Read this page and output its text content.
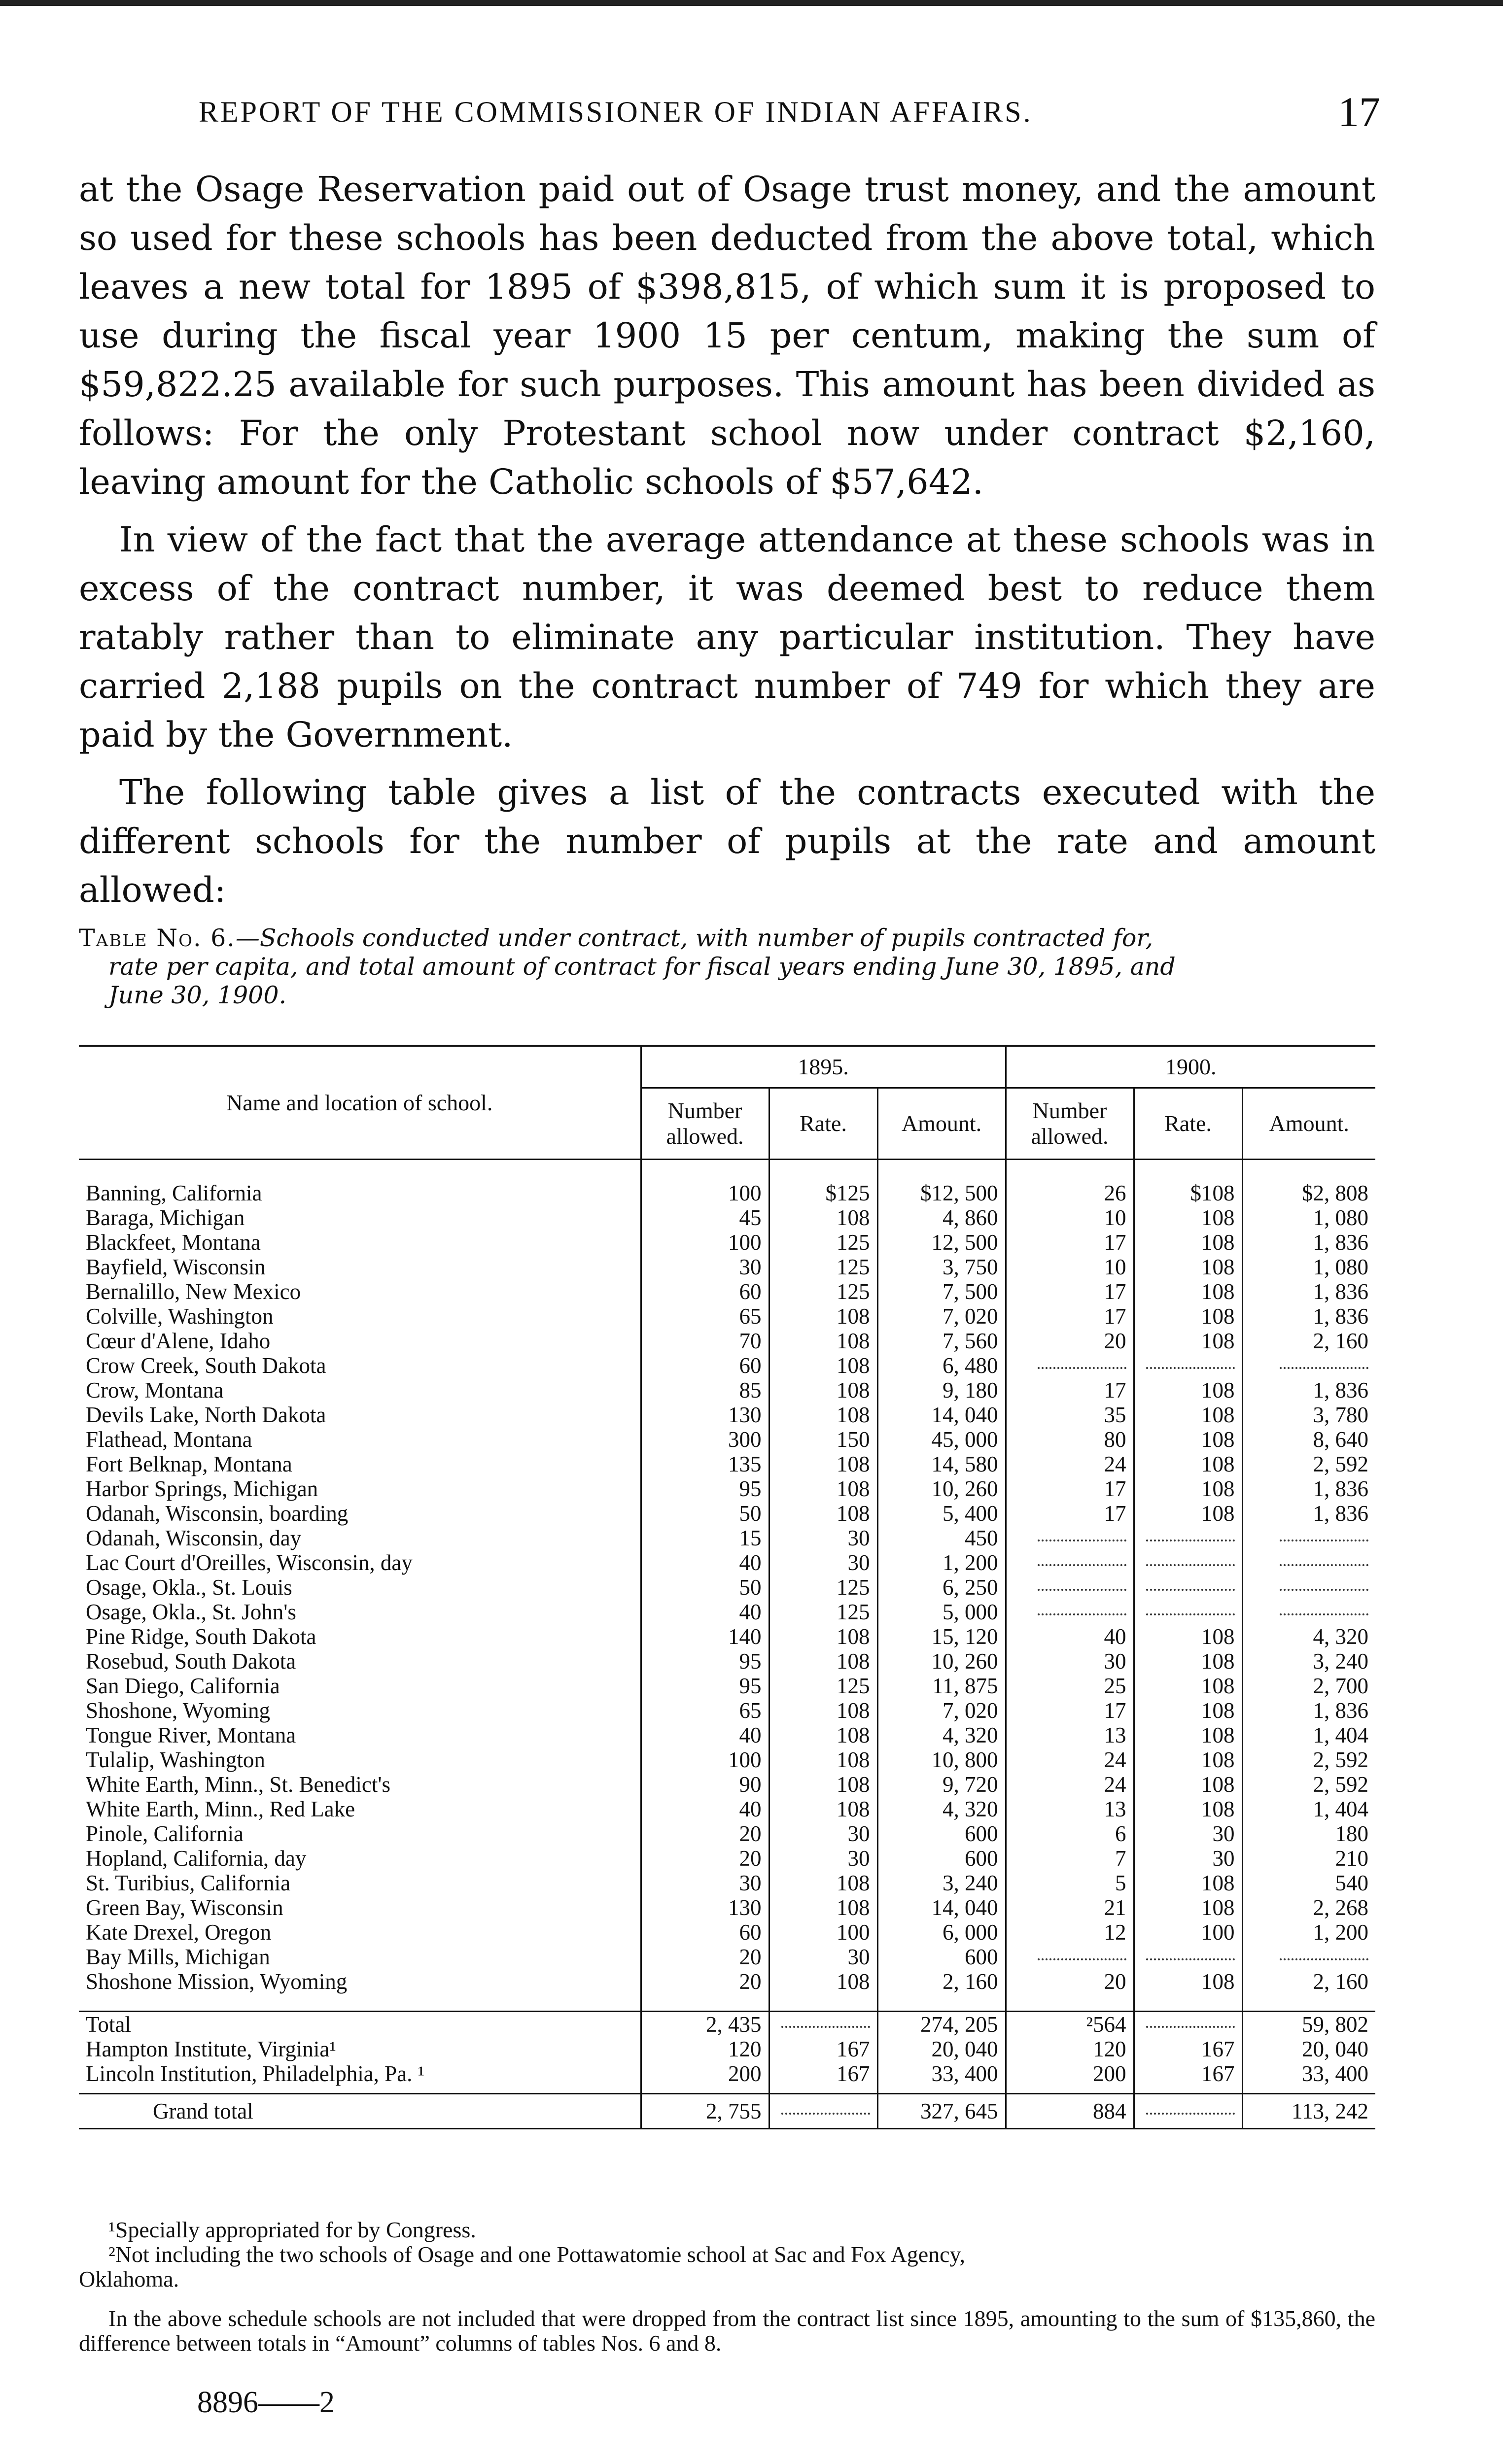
REPORT OF THE COMMISSIONER OF INDIAN AFFAIRS.	17

at the Osage Reservation paid out of Osage trust money, and the amount so used for these schools has been deducted from the above total, which leaves a new total for 1895 of $398,815, of which sum it is proposed to use during the fiscal year 1900 15 per centum, making the sum of $59,822.25 available for such purposes. This amount has been divided as follows: For the only Protestant school now under contract $2,160, leaving amount for the Catholic schools of $57,642.

In view of the fact that the average attendance at these schools was in excess of the contract number, it was deemed best to reduce them ratably rather than to eliminate any particular institution. They have carried 2,188 pupils on the contract number of 749 for which they are paid by the Government.

The following table gives a list of the contracts executed with the different schools for the number of pupils at the rate and amount allowed:

Table No. 6.—Schools conducted under contract, with number of pupils contracted for,
rate per capita, and total amount of contract for fiscal years ending June 30, 1895, and
June 30, 1900.
Name and location of school.	1895.			1900.		
	Number allowed.	Rate.	Amount.	Number allowed.	Rate.	Amount.

Banning, California	100	$125	$12, 500	26	$108	$2, 808
Baraga, Michigan	45	108	4, 860	10	108	1, 080
Blackfeet, Montana	100	125	12, 500	17	108	1, 836
Bayfield, Wisconsin	30	125	3, 750	10	108	1, 080
Bernalillo, New Mexico	60	125	7, 500	17	108	1, 836
Colville, Washington	65	108	7, 020	17	108	1, 836
Cœur d'Alene, Idaho	70	108	7, 560	20	108	2, 160
Crow Creek, South Dakota	60	108	6, 480			
Crow, Montana	85	108	9, 180	17	108	1, 836
Devils Lake, North Dakota	130	108	14, 040	35	108	3, 780
Flathead, Montana	300	150	45, 000	80	108	8, 640
Fort Belknap, Montana	135	108	14, 580	24	108	2, 592
Harbor Springs, Michigan	95	108	10, 260	17	108	1, 836
Odanah, Wisconsin, boarding	50	108	5, 400	17	108	1, 836
Odanah, Wisconsin, day	15	30	450			
Lac Court d'Oreilles, Wisconsin, day	40	30	1, 200			
Osage, Okla., St. Louis	50	125	6, 250			
Osage, Okla., St. John's	40	125	5, 000			
Pine Ridge, South Dakota	140	108	15, 120	40	108	4, 320
Rosebud, South Dakota	95	108	10, 260	30	108	3, 240
San Diego, California	95	125	11, 875	25	108	2, 700
Shoshone, Wyoming	65	108	7, 020	17	108	1, 836
Tongue River, Montana	40	108	4, 320	13	108	1, 404
Tulalip, Washington	100	108	10, 800	24	108	2, 592
White Earth, Minn., St. Benedict's	90	108	9, 720	24	108	2, 592
White Earth, Minn., Red Lake	40	108	4, 320	13	108	1, 404
Pinole, California	20	30	600	6	30	180
Hopland, California, day	20	30	600	7	30	210
St. Turibius, California	30	108	3, 240	5	108	540
Green Bay, Wisconsin	130	108	14, 040	21	108	2, 268
Kate Drexel, Oregon	60	100	6, 000	12	100	1, 200
Bay Mills, Michigan	20	30	600			
Shoshone Mission, Wyoming	20	108	2, 160	20	108	2, 160

Total	2, 435		274, 205	²564		59, 802
Hampton Institute, Virginia¹	120	167	20, 040	120	167	20, 040
Lincoln Institution, Philadelphia, Pa. ¹	200	167	33, 400	200	167	33, 400

Grand total	2, 755		327, 645	884		113, 242

¹Specially appropriated for by Congress.

²Not including the two schools of Osage and one Pottawatomie school at Sac and Fox Agency,

Oklahoma.

In the above schedule schools are not included that were dropped from the contract list since 1895, amounting to the sum of $135,860, the difference between totals in “Amount” columns of tables Nos. 6 and 8.

8896——2
